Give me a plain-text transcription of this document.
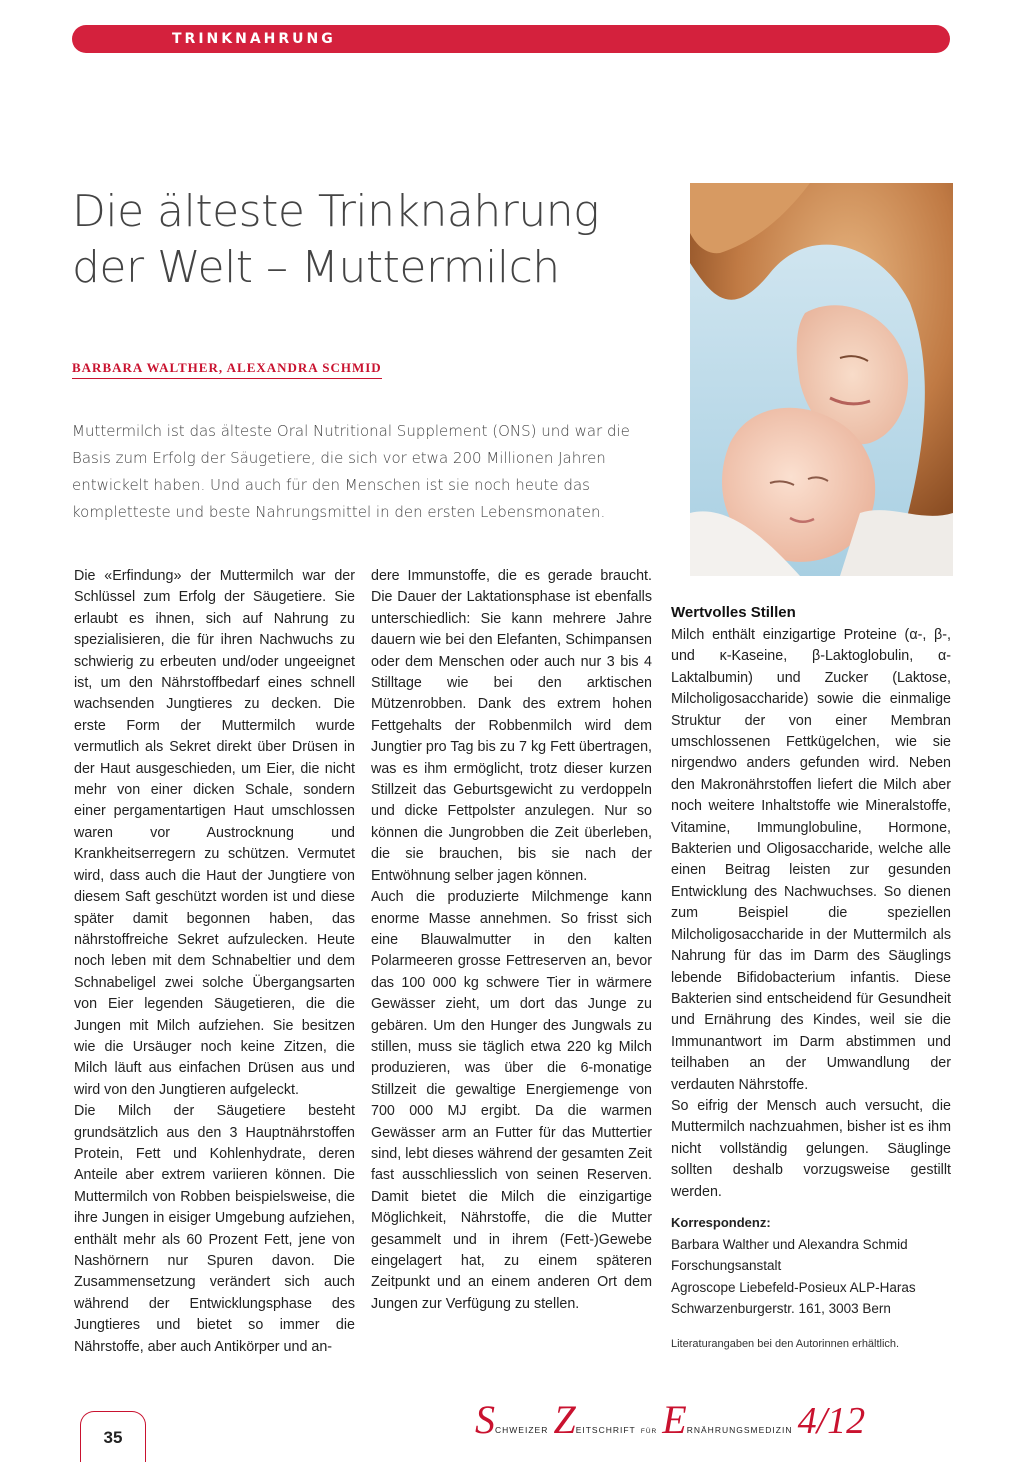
TRINKNAHRUNG
Die älteste Trinknahrung
der Welt – Muttermilch
BARBARA WALTHER, ALEXANDRA SCHMID
Muttermilch ist das älteste Oral Nutritional Supplement (ONS) und war die Basis zum Erfolg der Säugetiere, die sich vor etwa 200 Millionen Jahren entwickelt haben. Und auch für den Menschen ist sie noch heute das kompletteste und beste Nahrungsmittel in den ersten Lebensmonaten.

Die «Erfindung» der Muttermilch war der Schlüssel zum Erfolg der Säugetiere. Sie erlaubt es ihnen, sich auf Nahrung zu spezialisieren, die für ihren Nachwuchs zu schwierig zu erbeuten und/oder ungeeignet ist, um den Nährstoffbedarf eines schnell wachsenden Jungtieres zu decken. Die erste Form der Muttermilch wurde vermutlich als Sekret direkt über Drüsen in der Haut ausgeschieden, um Eier, die nicht mehr von einer dicken Schale, sondern einer pergamentartigen Haut umschlossen waren vor Austrocknung und Krankheitserregern zu schützen. Vermutet wird, dass auch die Haut der Jungtiere von diesem Saft geschützt worden ist und diese später damit begonnen haben, das nährstoffreiche Sekret aufzulecken. Heute noch leben mit dem Schnabeltier und dem Schnabeligel zwei solche Übergangsarten von Eier legenden Säugetieren, die die Jungen mit Milch aufziehen. Sie besitzen wie die Ursäuger noch keine Zitzen, die Milch läuft aus einfachen Drüsen aus und wird von den Jungtieren aufgeleckt.

Die Milch der Säugetiere besteht grundsätzlich aus den 3 Hauptnährstoffen Protein, Fett und Kohlenhydrate, deren Anteile aber extrem variieren können. Die Muttermilch von Robben beispielsweise, die ihre Jungen in eisiger Umgebung aufziehen, enthält mehr als 60 Prozent Fett, jene von Nashörnern nur Spuren davon. Die Zusammensetzung verändert sich auch während der Entwicklungsphase des Jungtieres und bietet so immer die Nährstoffe, aber auch Antikörper und an-

dere Immunstoffe, die es gerade braucht. Die Dauer der Laktationsphase ist ebenfalls unterschiedlich: Sie kann mehrere Jahre dauern wie bei den Elefanten, Schimpansen oder dem Menschen oder auch nur 3 bis 4 Stilltage wie bei den arktischen Mützenrobben. Dank des extrem hohen Fettgehalts der Robbenmilch wird dem Jungtier pro Tag bis zu 7 kg Fett übertragen, was es ihm ermöglicht, trotz dieser kurzen Stillzeit das Geburtsgewicht zu verdoppeln und dicke Fettpolster anzulegen. Nur so können die Jungrobben die Zeit überleben, die sie brauchen, bis sie nach der Entwöhnung selber jagen können.

Auch die produzierte Milchmenge kann enorme Masse annehmen. So frisst sich eine Blauwalmutter in den kalten Polarmeeren grosse Fettreserven an, bevor das 100 000 kg schwere Tier in wärmere Gewässer zieht, um dort das Junge zu gebären. Um den Hunger des Jungwals zu stillen, muss sie täglich etwa 220 kg Milch produzieren, was über die 6-monatige Stillzeit die gewaltige Energiemenge von 700 000 MJ ergibt. Da die warmen Gewässer arm an Futter für das Muttertier sind, lebt dieses während der gesamten Zeit fast ausschliesslich von seinen Reserven. Damit bietet die Milch die einzigartige Möglichkeit, Nährstoffe, die die Mutter gesammelt und in ihrem (Fett-)Gewebe eingelagert hat, zu einem späteren Zeitpunkt und an einem anderen Ort dem Jungen zur Verfügung zu stellen.

Wertvolles Stillen

Milch enthält einzigartige Proteine (α-, β-, und κ-Kaseine, β-Laktoglobulin, α-Laktalbumin) und Zucker (Laktose, Milcholigosaccharide) sowie die einmalige Struktur der von einer Membran umschlossenen Fettkügelchen, wie sie nirgendwo anders gefunden wird. Neben den Makronährstoffen liefert die Milch aber noch weitere Inhaltstoffe wie Mineralstoffe, Vitamine, Immunglobuline, Hormone, Bakterien und Oligosaccharide, welche alle einen Beitrag leisten zur gesunden Entwicklung des Nachwuchses. So dienen zum Beispiel die speziellen Milcholigosaccharide in der Muttermilch als Nahrung für das im Darm des Säuglings lebende Bifidobacterium infantis. Diese Bakterien sind entscheidend für Gesundheit und Ernährung des Kindes, weil sie die Immunantwort im Darm abstimmen und teilhaben an der Umwandlung der verdauten Nährstoffe.

So eifrig der Mensch auch versucht, die Muttermilch nachzuahmen, bisher ist es ihm nicht vollständig gelungen. Säuglinge sollten deshalb vorzugsweise gestillt werden.

Korrespondenz:
Barbara Walther und Alexandra Schmid
Forschungsanstalt
Agroscope Liebefeld-Posieux ALP-Haras
Schwarzenburgerstr. 161, 3003 Bern
Literaturangaben bei den Autorinnen erhältlich.
35	SCHWEIZER ZEITSCHRIFT FÜR ERNÄHRUNGSMEDIZIN 4/12
